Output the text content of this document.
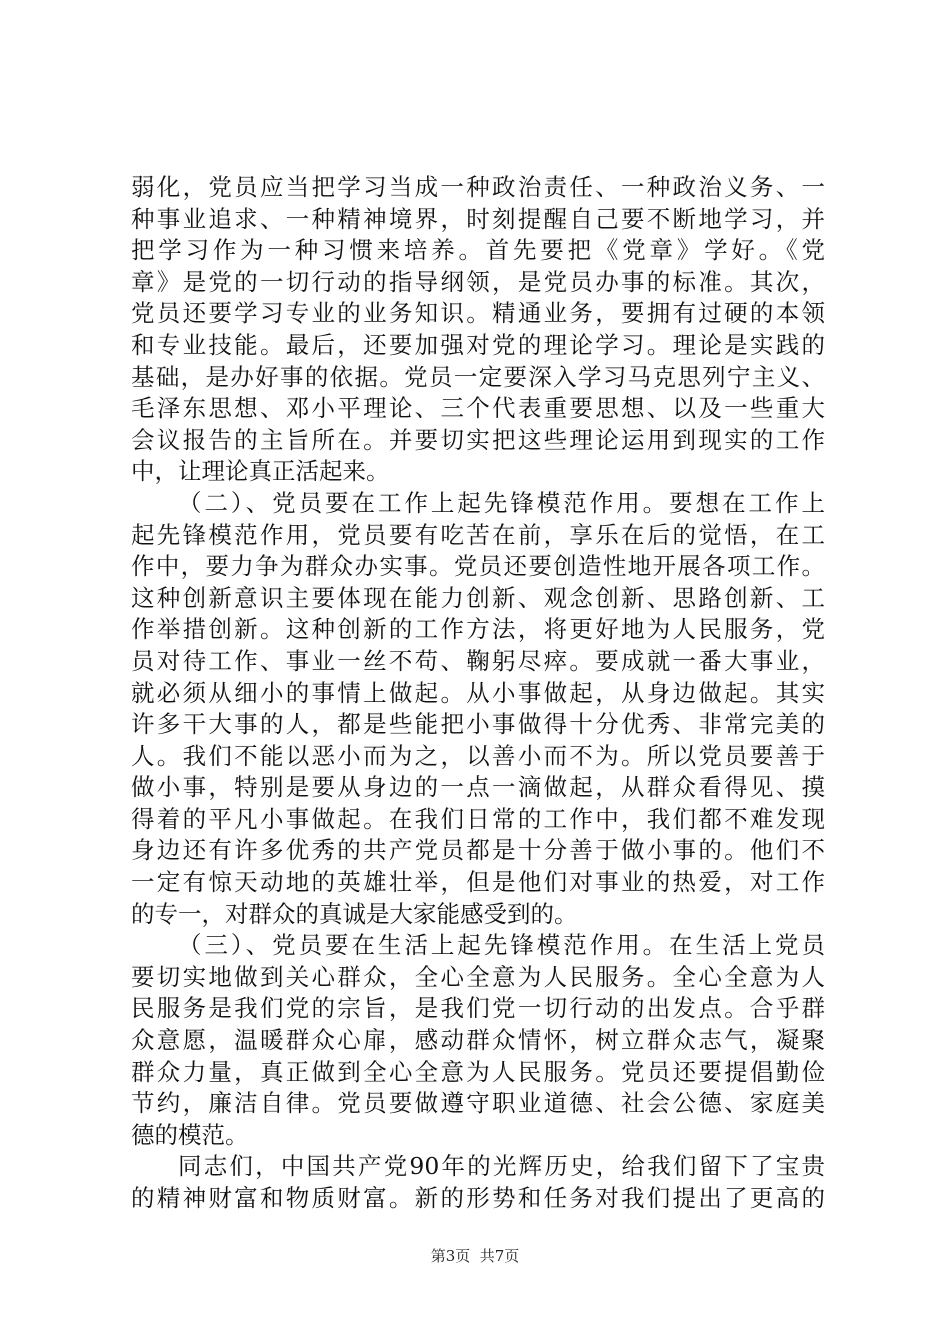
弱化，党员应当把学习当成一种政治责任、一种政治义务、一
种事业追求、一种精神境界，时刻提醒自己要不断地学习，并
把学习作为一种习惯来培养。首先要把《党章》学好。《党
章》是党的一切行动的指导纲领，是党员办事的标准。其次，
党员还要学习专业的业务知识。精通业务，要拥有过硬的本领
和专业技能。最后，还要加强对党的理论学习。理论是实践的
基础，是办好事的依据。党员一定要深入学习马克思列宁主义、
毛泽东思想、邓小平理论、三个代表重要思想、以及一些重大
会议报告的主旨所在。并要切实把这些理论运用到现实的工作
中，让理论真正活起来。
（二）、党员要在工作上起先锋模范作用。要想在工作上
起先锋模范作用，党员要有吃苦在前，享乐在后的觉悟，在工
作中，要力争为群众办实事。党员还要创造性地开展各项工作。
这种创新意识主要体现在能力创新、观念创新、思路创新、工
作举措创新。这种创新的工作方法，将更好地为人民服务，党
员对待工作、事业一丝不苟、鞠躬尽瘁。要成就一番大事业，
就必须从细小的事情上做起。从小事做起，从身边做起。其实
许多干大事的人，都是些能把小事做得十分优秀、非常完美的
人。我们不能以恶小而为之，以善小而不为。所以党员要善于
做小事，特别是要从身边的一点一滴做起，从群众看得见、摸
得着的平凡小事做起。在我们日常的工作中，我们都不难发现
身边还有许多优秀的共产党员都是十分善于做小事的。他们不
一定有惊天动地的英雄壮举，但是他们对事业的热爱，对工作
的专一，对群众的真诚是大家能感受到的。
（三）、党员要在生活上起先锋模范作用。在生活上党员
要切实地做到关心群众，全心全意为人民服务。全心全意为人
民服务是我们党的宗旨，是我们党一切行动的出发点。合乎群
众意愿，温暖群众心扉，感动群众情怀，树立群众志气，凝聚
群众力量，真正做到全心全意为人民服务。党员还要提倡勤俭
节约，廉洁自律。党员要做遵守职业道德、社会公德、家庭美
德的模范。
同志们，中国共产党90年的光辉历史，给我们留下了宝贵
的精神财富和物质财富。新的形势和任务对我们提出了更高的
第3页  共7页
